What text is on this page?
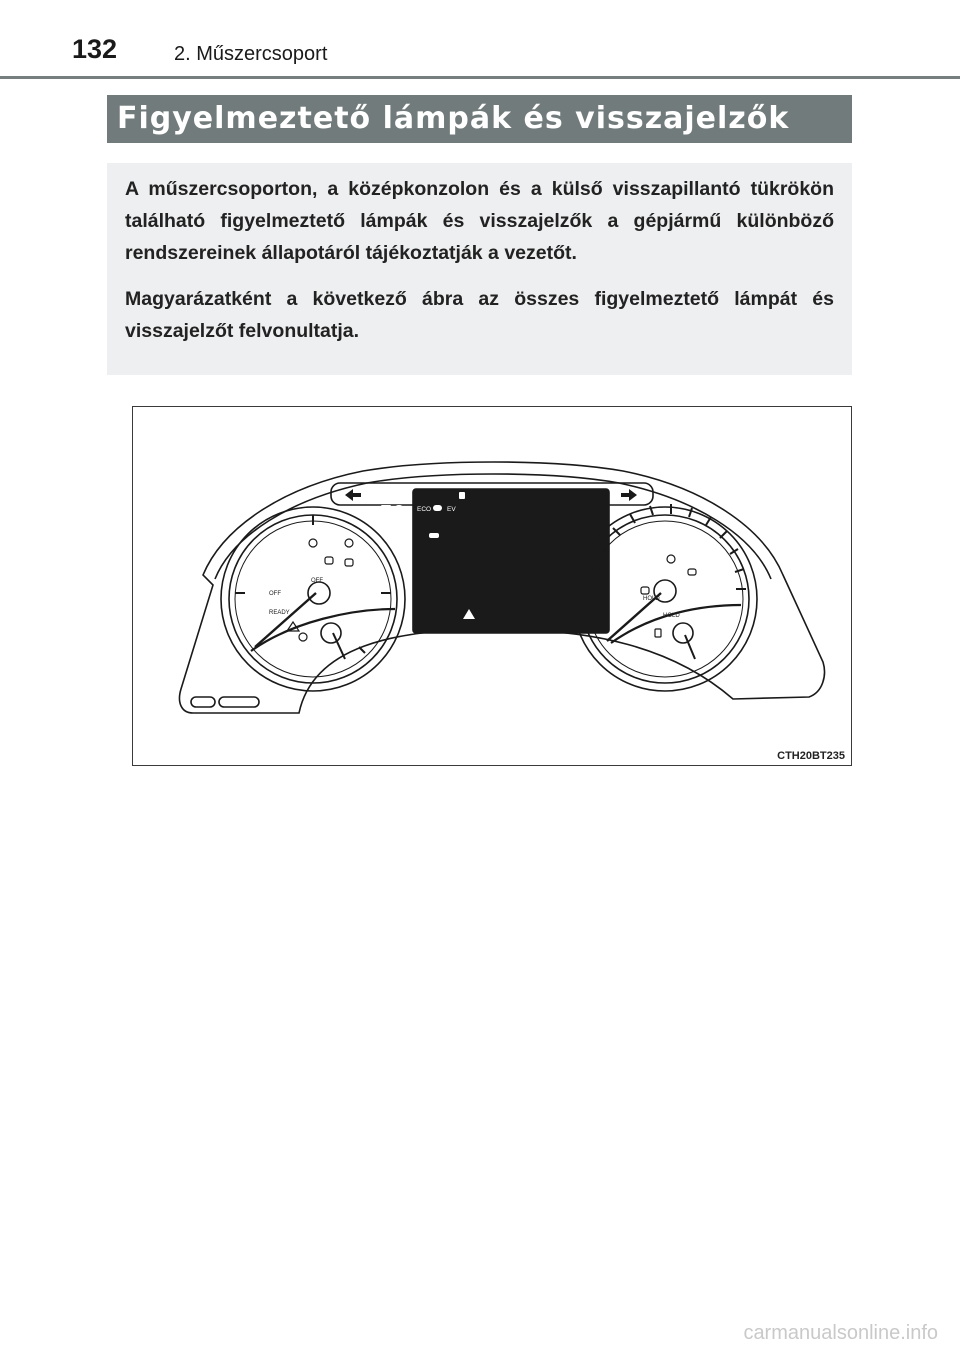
132	2. Műszercsoport
Figyelmeztető lámpák és visszajelzők

A műszercsoporton, a középkonzolon és a külső visszapillantó tükrökön található figyelmeztető lámpák és visszajelzők a gépjármű különböző rendszereinek állapotáról tájékoztatják a vezetőt.

Magyarázatként a következő ábra az összes figyelmeztető lámpát és visszajelzőt felvonultatja.

BSM RCTA
ECO EV
OFF
OFF
READY
HOLD
HOLD
CTH20BT235
carmanualsonline.info
